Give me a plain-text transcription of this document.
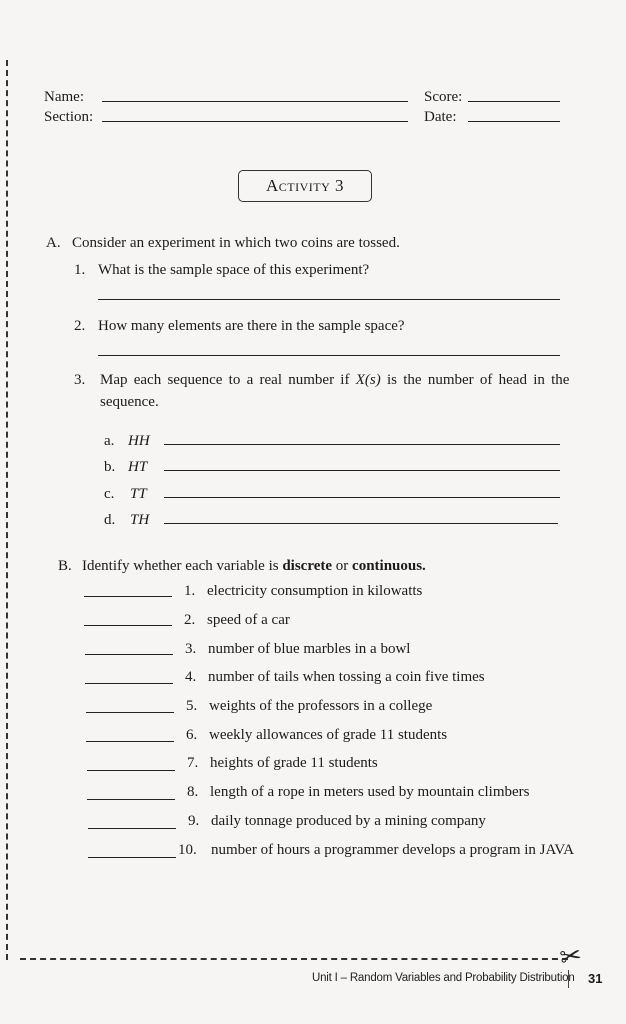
✂
Name:
Section:
Score:
Date:
Activity 3
A. Consider an experiment in which two coins are tossed.
1. What is the sample space of this experiment?
2. How many elements are there in the sample space?
3. Map each sequence to a real number if X(s) is the number of head in the
sequence.
a. HH
b. HT
c. TT
d. TH
B. Identify whether each variable is discrete or continuous.
1. electricity consumption in kilowatts
2. speed of a car
3. number of blue marbles in a bowl
4. number of tails when tossing a coin five times
5. weights of the professors in a college
6. weekly allowances of grade 11 students
7. heights of grade 11 students
8. length of a rope in meters used by mountain climbers
9. daily tonnage produced by a mining company
10. number of hours a programmer develops a program in JAVA
Unit I – Random Variables and Probability Distribution 31
